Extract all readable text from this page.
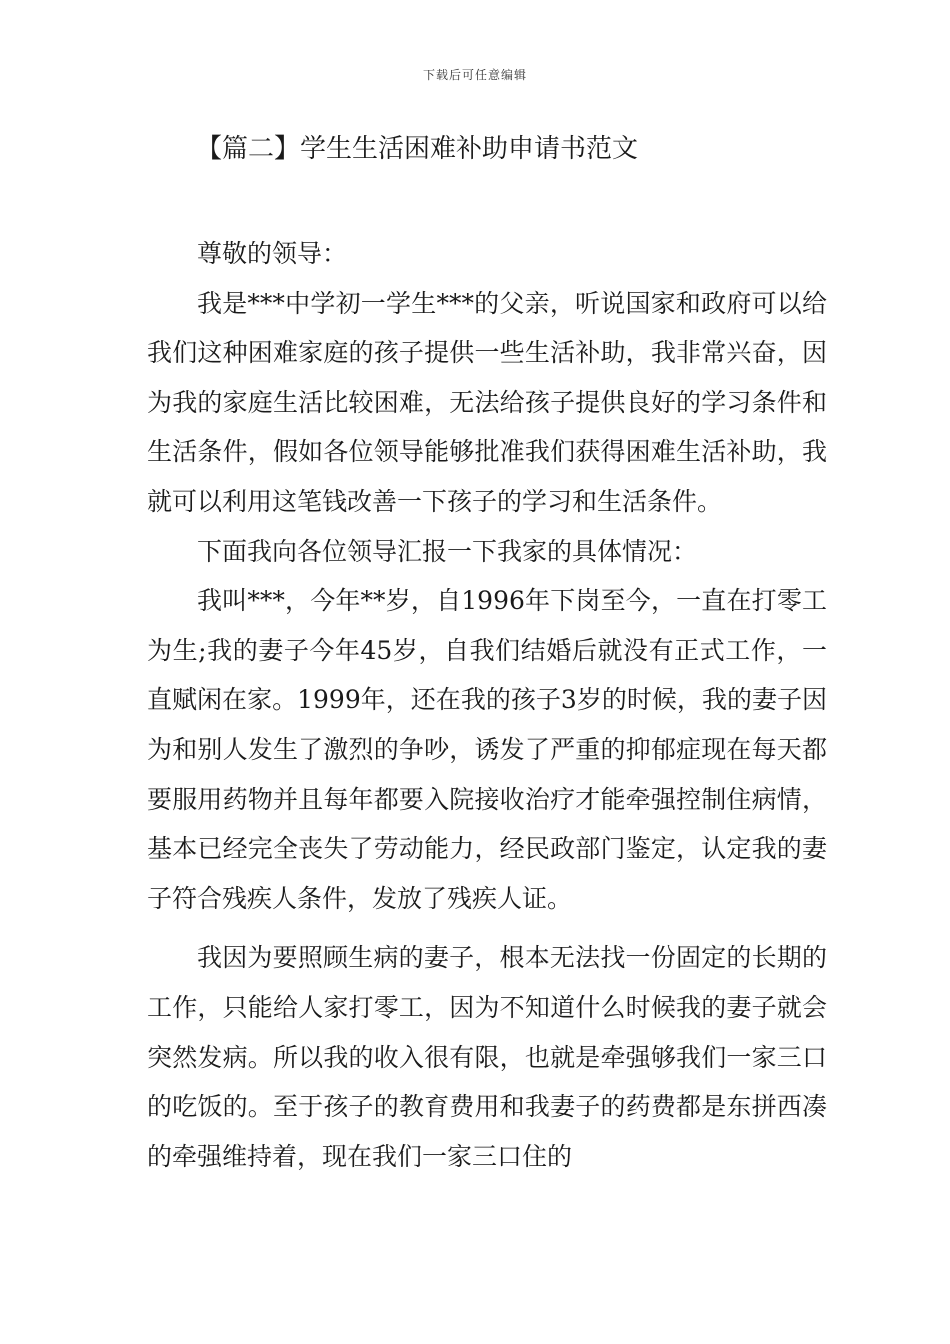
下载后可任意编辑
【篇二】学生生活困难补助申请书范文

尊敬的领导：

我是***中学初一学生***的父亲，听说国家和政府可以给我们这种困难家庭的孩子提供一些生活补助，我非常兴奋，因为我的家庭生活比较困难，无法给孩子提供良好的学习条件和生活条件，假如各位领导能够批准我们获得困难生活补助，我就可以利用这笔钱改善一下孩子的学习和生活条件。

下面我向各位领导汇报一下我家的具体情况：

我叫***，今年**岁，自1996年下岗至今，一直在打零工为生;我的妻子今年45岁，自我们结婚后就没有正式工作，一直赋闲在家。1999年，还在我的孩子3岁的时候，我的妻子因为和别人发生了激烈的争吵，诱发了严重的抑郁症现在每天都要服用药物并且每年都要入院接收治疗才能牵强控制住病情，基本已经完全丧失了劳动能力，经民政部门鉴定，认定我的妻子符合残疾人条件，发放了残疾人证。

我因为要照顾生病的妻子，根本无法找一份固定的长期的工作，只能给人家打零工，因为不知道什么时候我的妻子就会突然发病。所以我的收入很有限，也就是牵强够我们一家三口的吃饭的。至于孩子的教育费用和我妻子的药费都是东拼西凑的牵强维持着，现在我们一家三口住的
